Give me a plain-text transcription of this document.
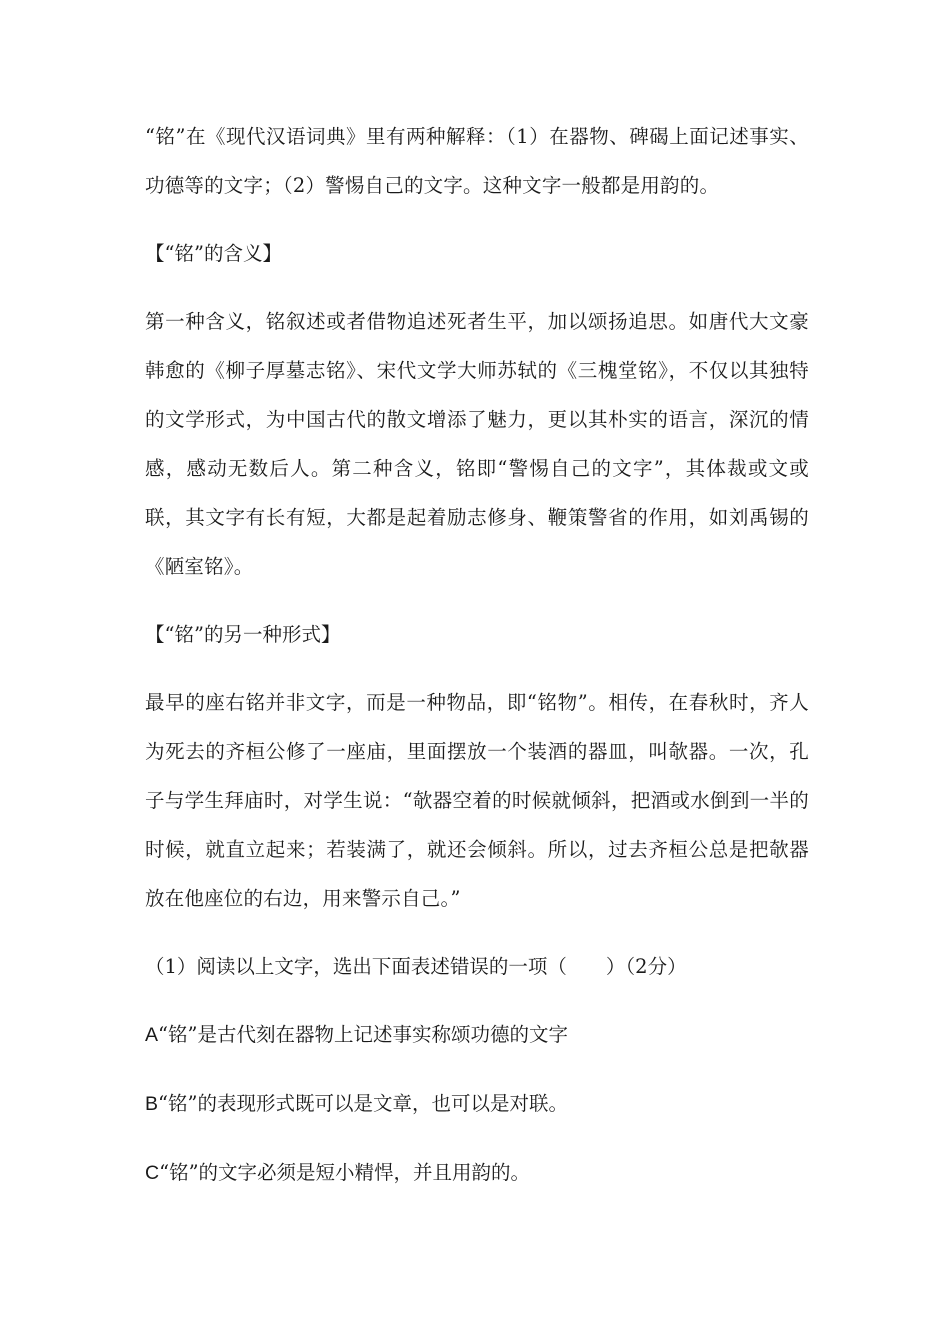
“铭”在《现代汉语词典》里有两种解释：（1）在器物、碑碣上面记述事实、功德等的文字；（2）警惕自己的文字。这种文字一般都是用韵的。

【“铭”的含义】

第一种含义，铭叙述或者借物追述死者生平，加以颂扬追思。如唐代大文豪韩愈的《柳子厚墓志铭》、宋代文学大师苏轼的《三槐堂铭》，不仅以其独特的文学形式，为中国古代的散文增添了魅力，更以其朴实的语言，深沉的情感，感动无数后人。第二种含义，铭即“警惕自己的文字”，其体裁或文或联，其文字有长有短，大都是起着励志修身、鞭策警省的作用，如刘禹锡的《陋室铭》。

【“铭”的另一种形式】

最早的座右铭并非文字，而是一种物品，即“铭物”。相传，在春秋时，齐人为死去的齐桓公修了一座庙，里面摆放一个装酒的器皿，叫欹器。一次，孔子与学生拜庙时，对学生说：“欹器空着的时候就倾斜，把酒或水倒到一半的时候，就直立起来；若装满了，就还会倾斜。所以，过去齐桓公总是把欹器放在他座位的右边，用来警示自己。”

（1）阅读以上文字，选出下面表述错误的一项（　　）（2分）

A“铭”是古代刻在器物上记述事实称颂功德的文字

B“铭”的表现形式既可以是文章，也可以是对联。

C“铭”的文字必须是短小精悍，并且用韵的。
